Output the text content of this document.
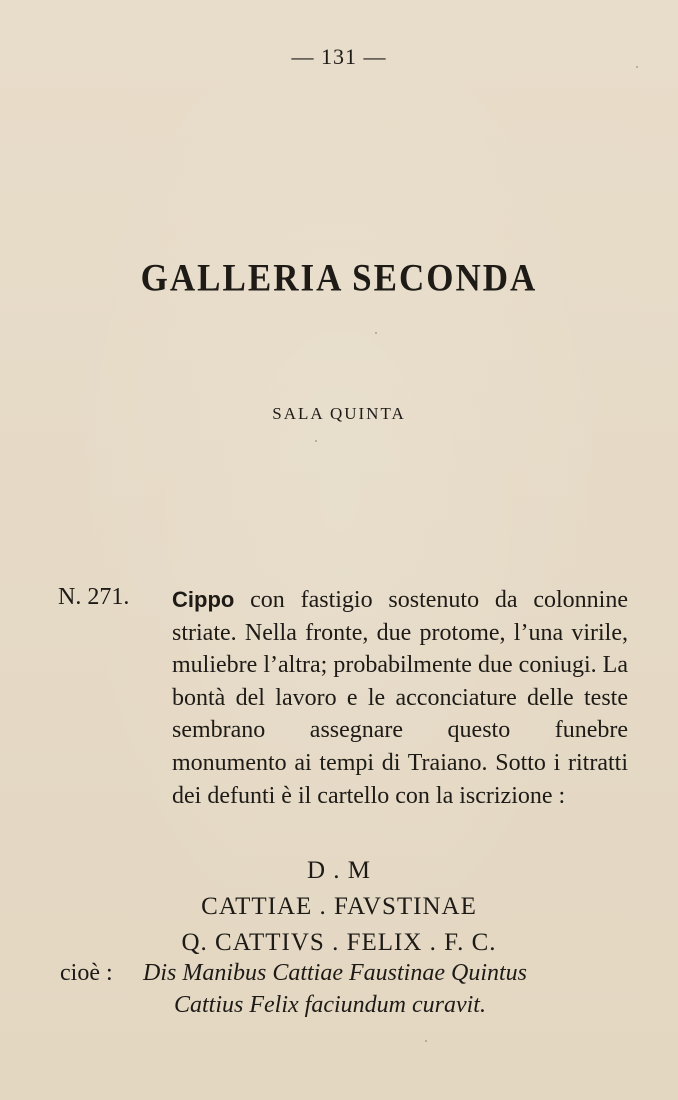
— 131 —
GALLERIA SECONDA
SALA QUINTA
N. 271. Cippo con fastigio sostenuto da colonnine striate. Nella fronte, due protome, l’una virile, muliebre l’altra; probabilmente due coniugi. La bontà del lavoro e le acconciature delle teste sembrano assegnare questo funebre monumento ai tempi di Traiano. Sotto i ritratti dei defunti è il cartello con la iscrizione :
D . M
CATTIAE . FAVSTINAE
Q. CATTIVS . FELIX . F. C.
cioè : Dis Manibus Cattiae Faustinae Quintus
Cattius Felix faciundum curavit.
